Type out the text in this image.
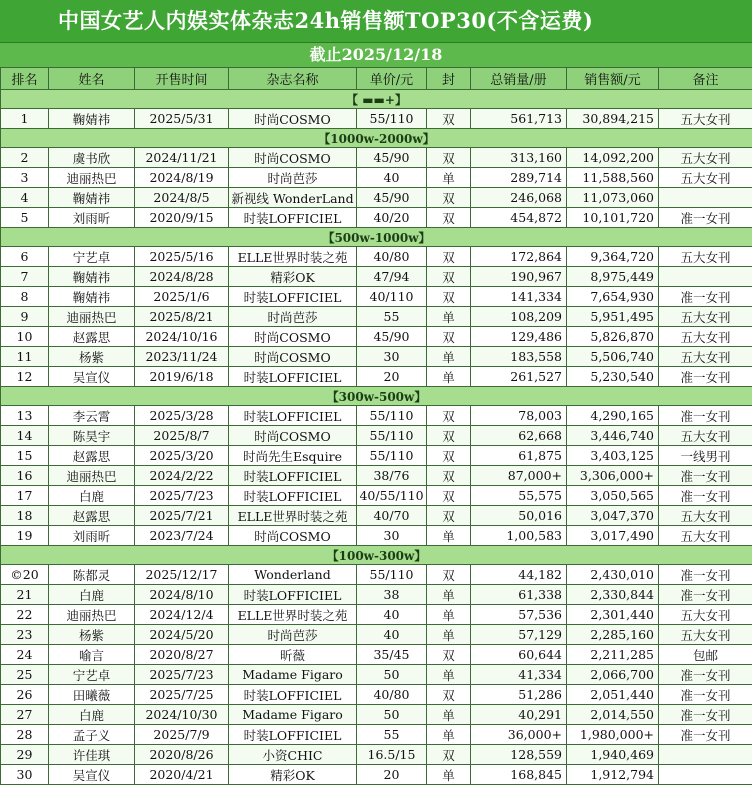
中国女艺人内娱实体杂志24h销售额TOP30(不含运费)
截止2025/12/18
排名	姓名	开售时间	杂志名称	单价/元	封	总销量/册	销售额/元	备注
【 ▬▬+】								
1	鞠婧祎	2025/5/31	时尚COSMO	55/110	双	561,713	30,894,215	五大女刊
【1000w-2000w】								
2	虞书欣	2024/11/21	时尚COSMO	45/90	双	313,160	14,092,200	五大女刊
3	迪丽热巴	2024/8/19	时尚芭莎	40	单	289,714	11,588,560	五大女刊
4	鞠婧祎	2024/8/5	新视线 WonderLand	45/90	双	246,068	11,073,060	
5	刘雨昕	2020/9/15	时装LOFFICIEL	40/20	双	454,872	10,101,720	准一女刊
【500w-1000w】								
6	宁艺卓	2025/5/16	ELLE世界时装之苑	40/80	双	172,864	9,364,720	五大女刊
7	鞠婧祎	2024/8/28	精彩OK	47/94	双	190,967	8,975,449	
8	鞠婧祎	2025/1/6	时装LOFFICIEL	40/110	双	141,334	7,654,930	准一女刊
9	迪丽热巴	2025/8/21	时尚芭莎	55	单	108,209	5,951,495	五大女刊
10	赵露思	2024/10/16	时尚COSMO	45/90	双	129,486	5,826,870	五大女刊
11	杨紫	2023/11/24	时尚COSMO	30	单	183,558	5,506,740	五大女刊
12	吴宣仪	2019/6/18	时装LOFFICIEL	20	单	261,527	5,230,540	准一女刊
【300w-500w】								
13	李云霄	2025/3/28	时装LOFFICIEL	55/110	双	78,003	4,290,165	准一女刊
14	陈昊宇	2025/8/7	时尚COSMO	55/110	双	62,668	3,446,740	五大女刊
15	赵露思	2025/3/20	时尚先生Esquire	55/110	双	61,875	3,403,125	一线男刊
16	迪丽热巴	2024/2/22	时装LOFFICIEL	38/76	双	87,000+	3,306,000+	准一女刊
17	白鹿	2025/7/23	时装LOFFICIEL	40/55/110	双	55,575	3,050,565	准一女刊
18	赵露思	2025/7/21	ELLE世界时装之苑	40/70	双	50,016	3,047,370	五大女刊
19	刘雨昕	2023/7/24	时尚COSMO	30	单	1,00,583	3,017,490	五大女刊
【100w-300w】								
©20	陈都灵	2025/12/17	Wonderland	55/110	双	44,182	2,430,010	准一女刊
21	白鹿	2024/8/10	时装LOFFICIEL	38	单	61,338	2,330,844	准一女刊
22	迪丽热巴	2024/12/4	ELLE世界时装之苑	40	单	57,536	2,301,440	五大女刊
23	杨紫	2024/5/20	时尚芭莎	40	单	57,129	2,285,160	五大女刊
24	喻言	2020/8/27	昕薇	35/45	双	60,644	2,211,285	包邮
25	宁艺卓	2025/7/23	Madame Figaro	50	单	41,334	2,066,700	准一女刊
26	田曦薇	2025/7/25	时装LOFFICIEL	40/80	双	51,286	2,051,440	准一女刊
27	白鹿	2024/10/30	Madame Figaro	50	单	40,291	2,014,550	准一女刊
28	孟子义	2025/7/9	时装LOFFICIEL	55	单	36,000+	1,980,000+	准一女刊
29	许佳琪	2020/8/26	小资CHIC	16.5/15	双	128,559	1,940,469	
30	吴宣仪	2020/4/21	精彩OK	20	单	168,845	1,912,794	
